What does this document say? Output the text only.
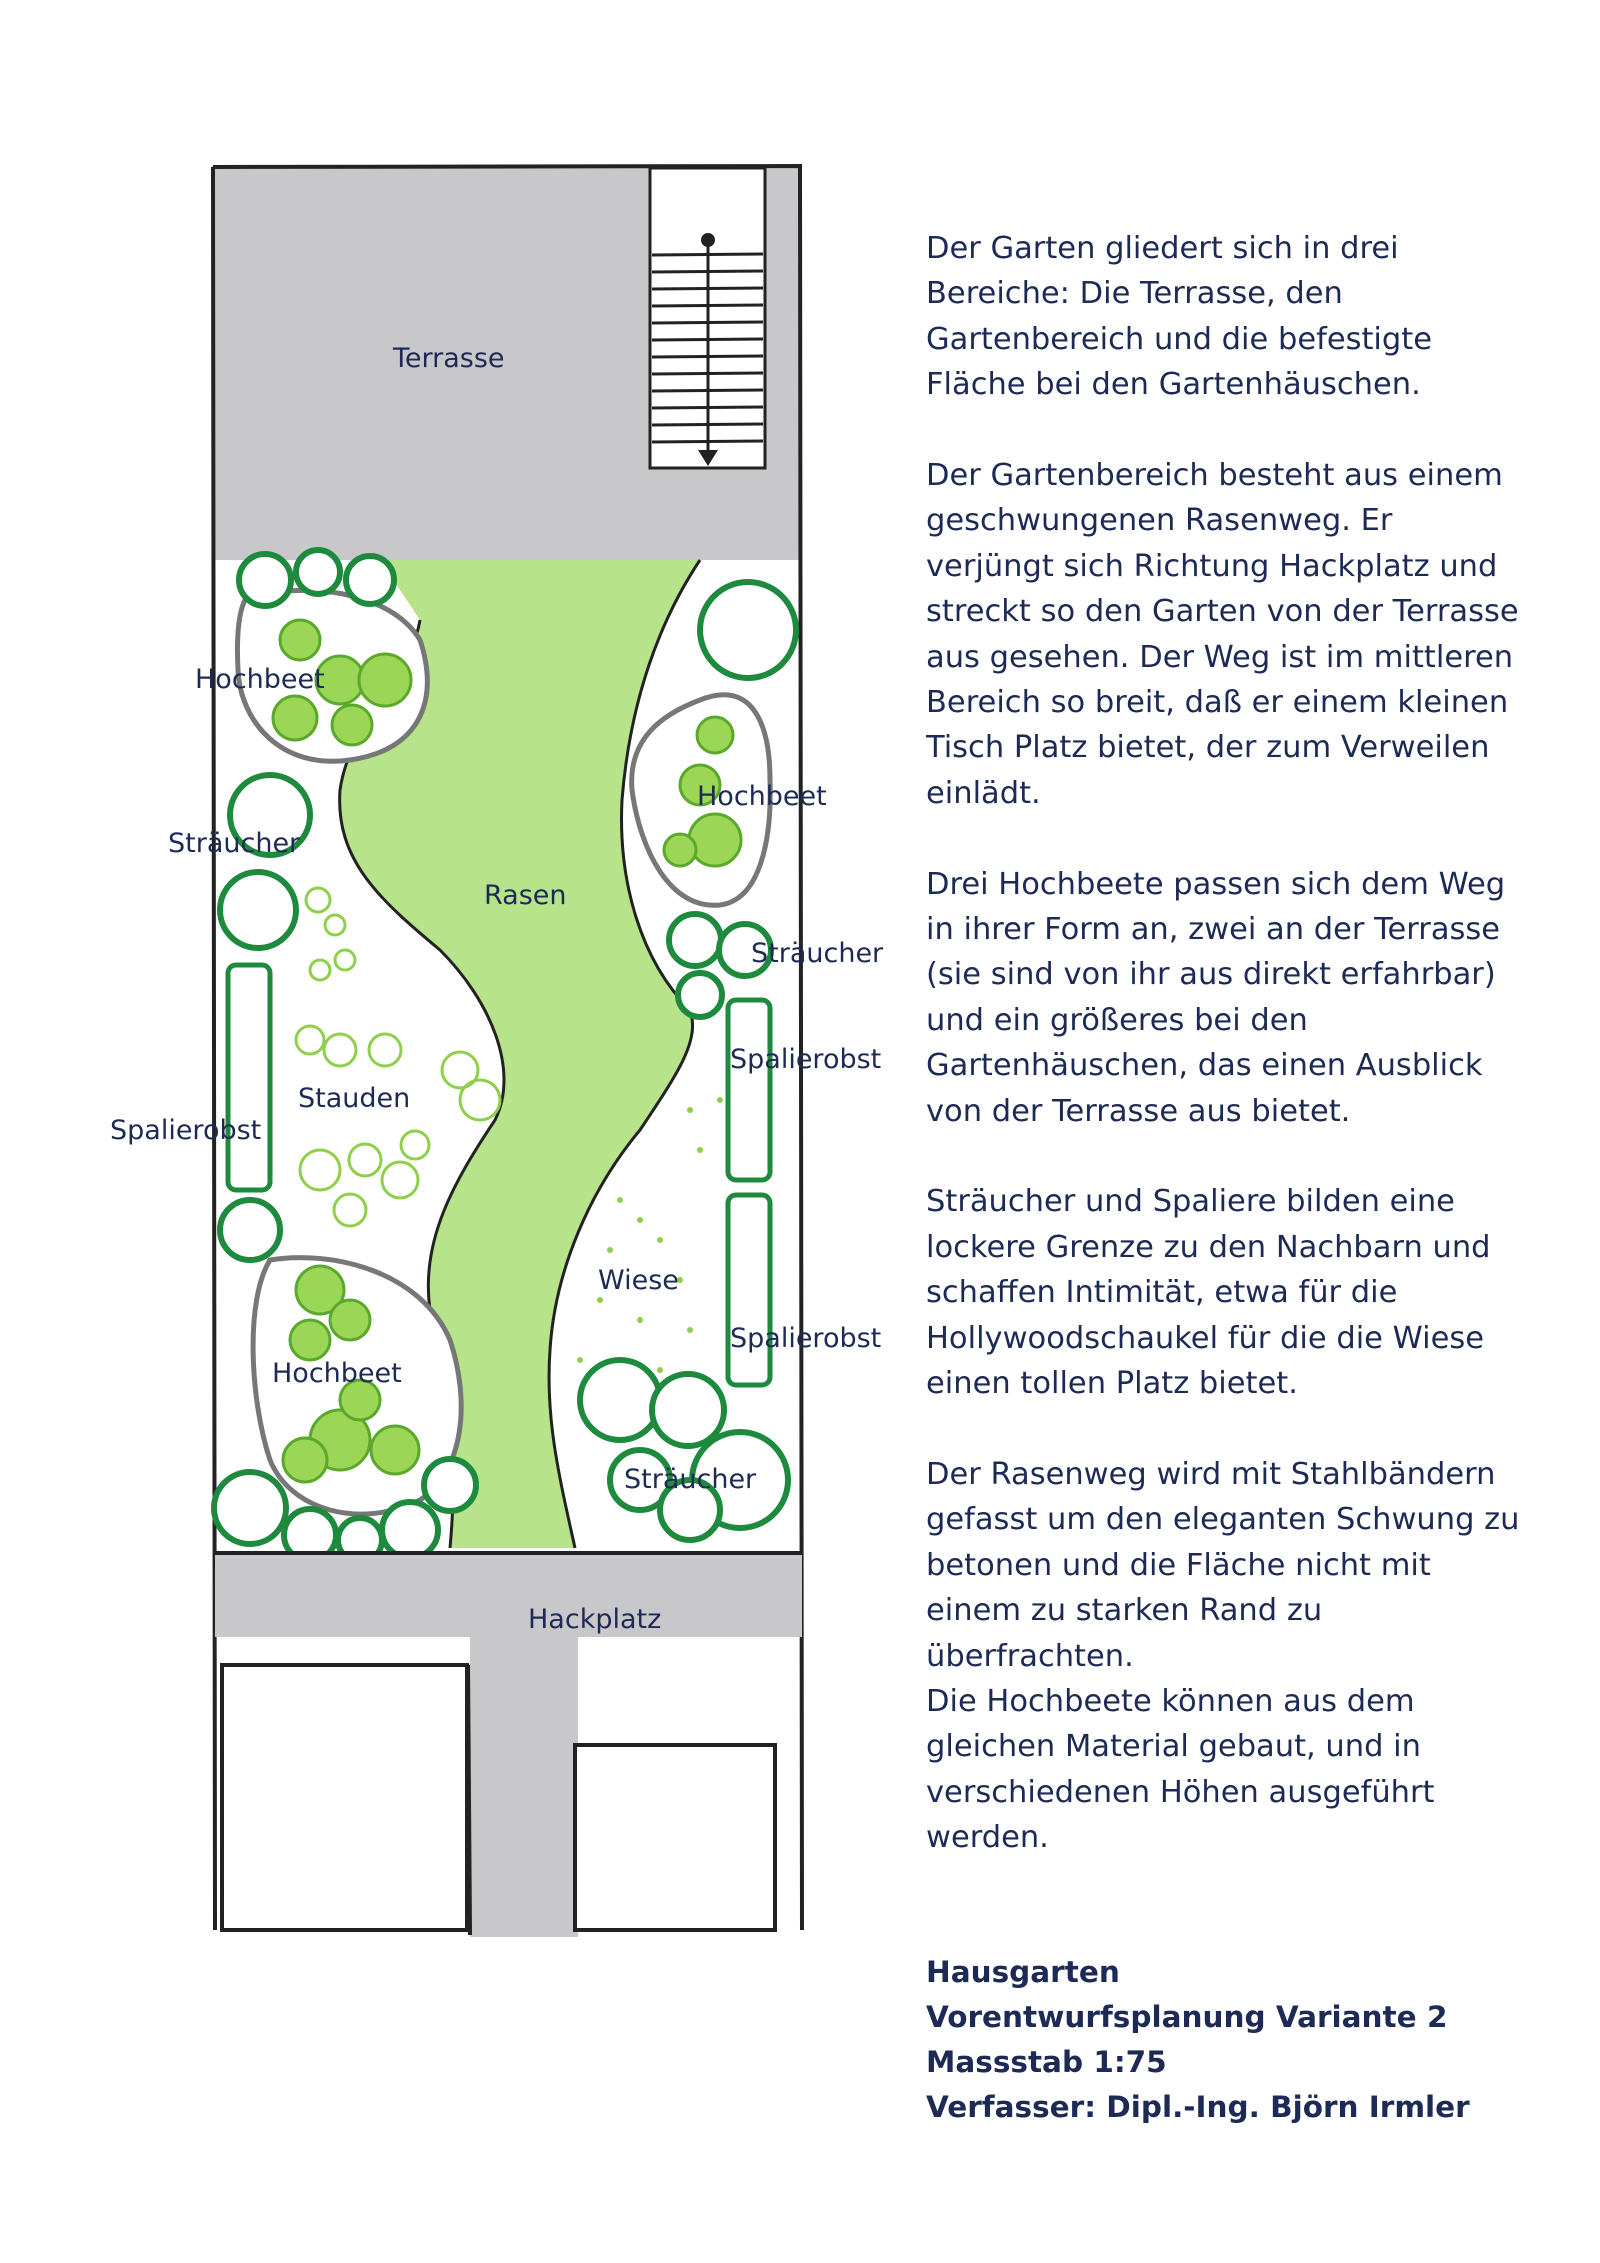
Terrasse
Hochbeet
Hochbeet
Sträucher
Rasen
Sträucher
Spalierobst
Stauden
Spalierobst
Wiese
Spalierobst
Hochbeet
Sträucher
Hackplatz

Der Garten gliedert sich in drei Bereiche: Die Terrasse, den Gartenbereich und die befestigte Fläche bei den Gartenhäuschen.

Der Gartenbereich besteht aus einem geschwungenen Rasenweg. Er verjüngt sich Richtung Hackplatz und streckt so den Garten von der Terrasse aus gesehen. Der Weg ist im mittleren Bereich so breit, daß er einem kleinen Tisch Platz bietet, der zum Verweilen einlädt.

Drei Hochbeete passen sich dem Weg in ihrer Form an, zwei an der Terrasse (sie sind von ihr aus direkt erfahrbar) und ein größeres bei den Gartenhäuschen, das einen Ausblick von der Terrasse aus bietet.

Sträucher und Spaliere bilden eine lockere Grenze zu den Nachbarn und schaffen Intimität, etwa für die Hollywoodschaukel für die die Wiese einen tollen Platz bietet.

Der Rasenweg wird mit Stahlbändern gefasst um den eleganten Schwung zu betonen und die Fläche nicht mit einem zu starken Rand zu überfrachten.

Die Hochbeete können aus dem gleichen Material gebaut, und in verschiedenen Höhen ausgeführt werden.

Hausgarten
Vorentwurfsplanung Variante 2
Massstab 1:75
Verfasser: Dipl.-Ing. Björn Irmler
